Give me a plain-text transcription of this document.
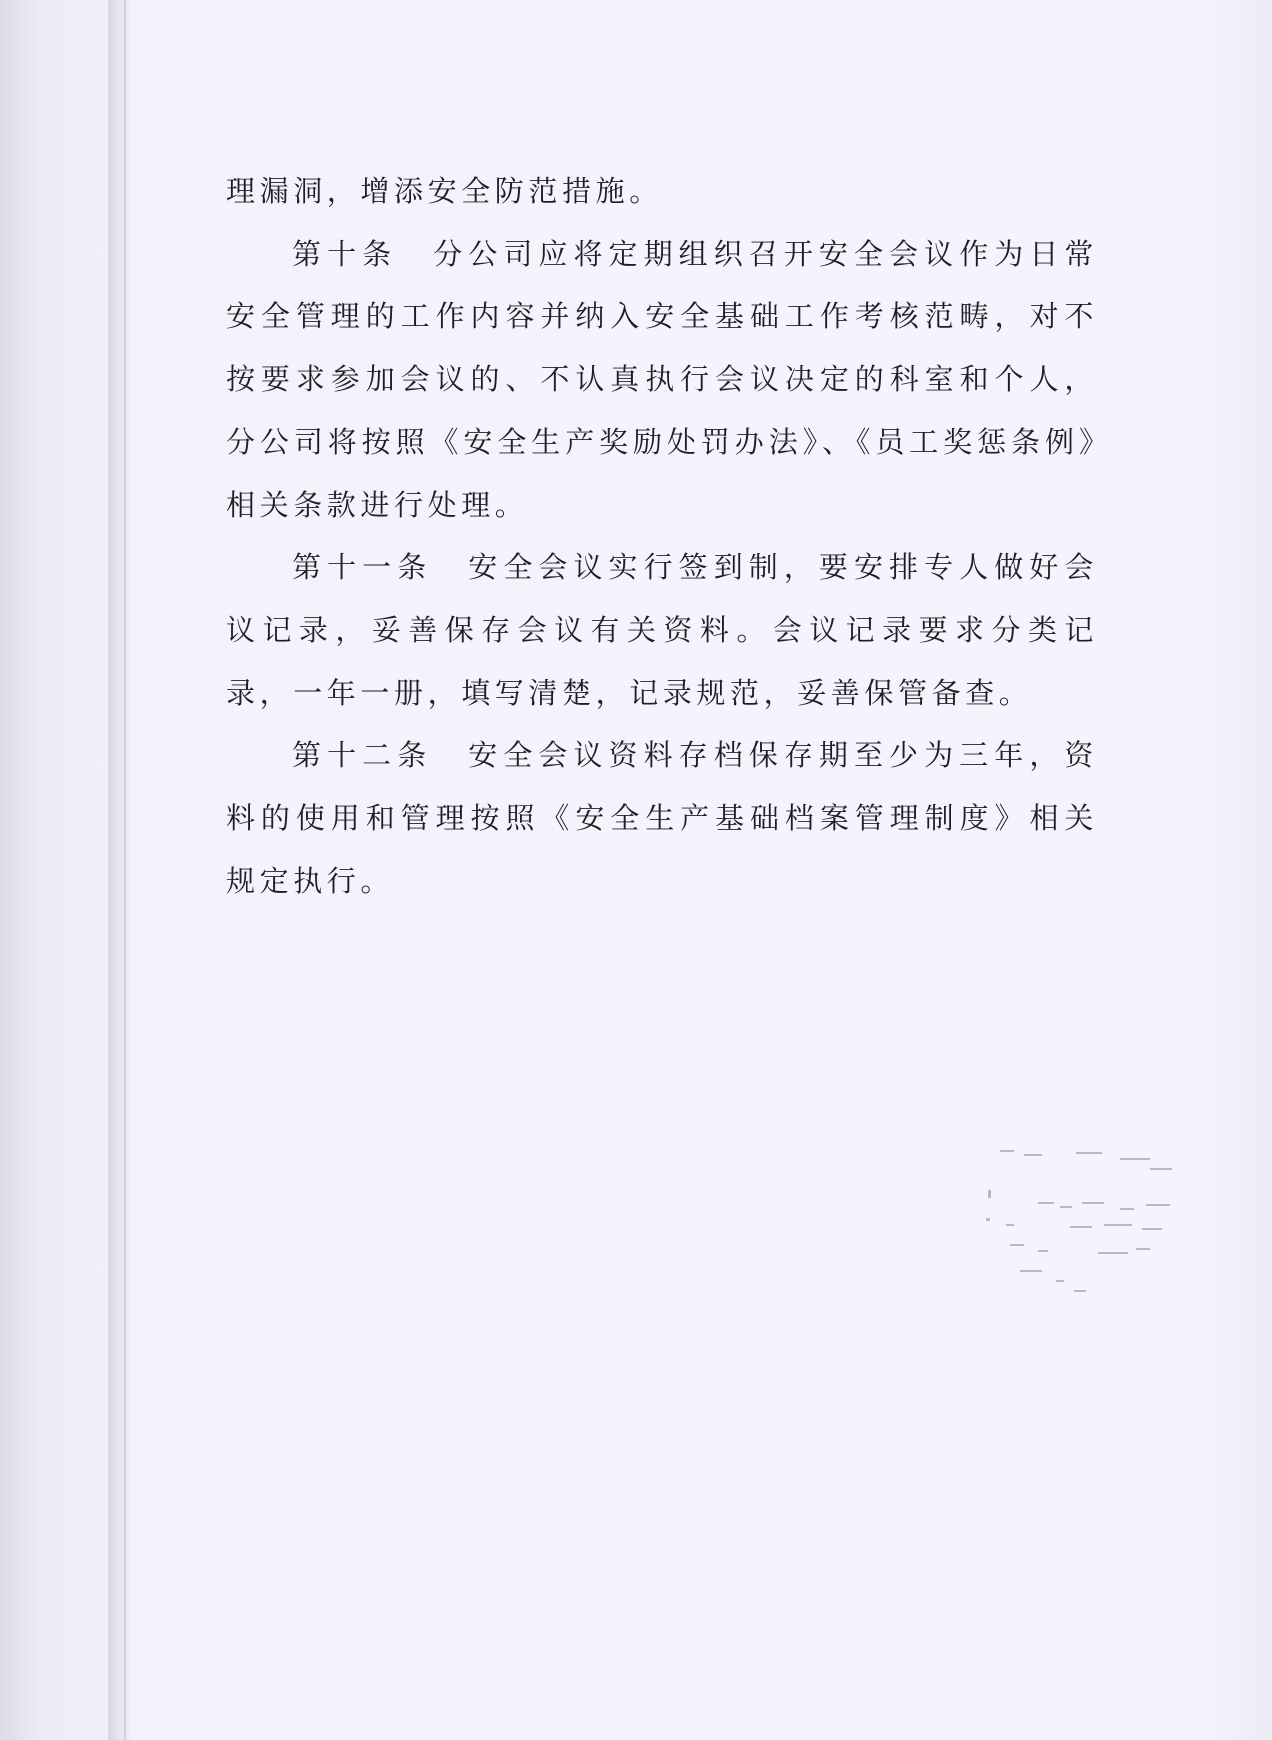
理漏洞，增添安全防范措施。

第十条 分公司应将定期组织召开安全会议作为日常安全管理的工作内容并纳入安全基础工作考核范畴，对不按要求参加会议的、不认真执行会议决定的科室和个人，分公司将按照《安全生产奖励处罚办法》、《员工奖惩条例》相关条款进行处理。

第十一条 安全会议实行签到制，要安排专人做好会议记录，妥善保存会议有关资料。会议记录要求分类记录，一年一册，填写清楚，记录规范，妥善保管备查。

第十二条 安全会议资料存档保存期至少为三年，资料的使用和管理按照《安全生产基础档案管理制度》相关规定执行。
